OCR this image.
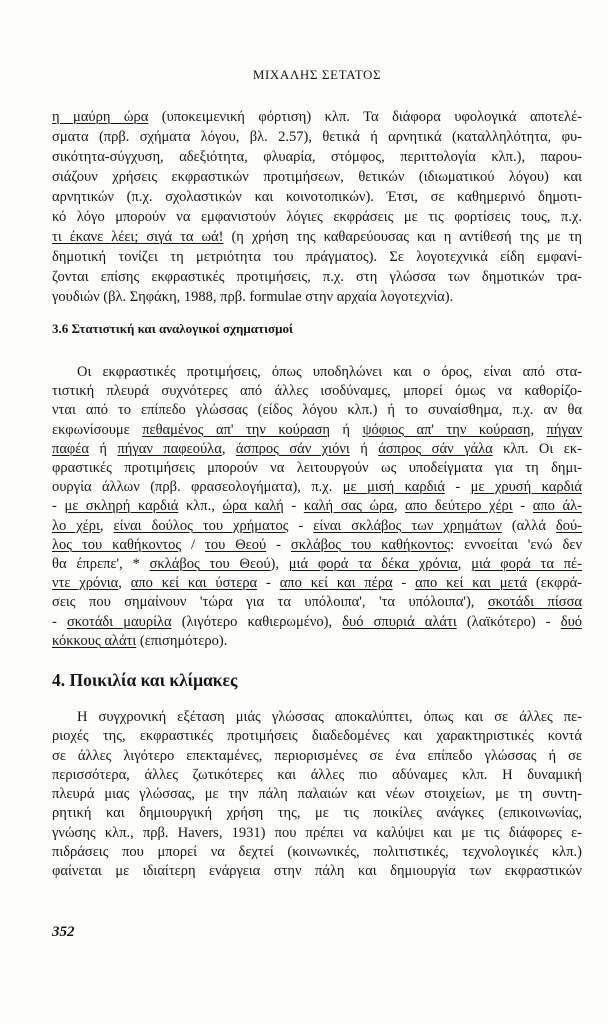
ΜΙΧΑΛΗΣ ΣΕΤΑΤΟΣ
η μαύρη ώρα (υποκειμενική φόρτιση) κλπ. Τα διάφορα υφολογικά αποτελέ-
σματα (πρβ. σχήματα λόγου, βλ. 2.57), θετικά ή αρνητικά (καταλληλότητα, φυ-
σικότητα-σύγχυση, αδεξιότητα, φλυαρία, στόμφος, περιττολογία κλπ.), παρου-
σιάζουν χρήσεις εκφραστικών προτιμήσεων, θετικών (ιδιωματικού λόγου) και
αρνητικών (π.χ. σχολαστικών και κοινοτοπικών). Έτσι, σε καθημερινό δημοτι-
κό λόγο μπορούν να εμφανιστούν λόγιες εκφράσεις με τις φορτίσεις τους, π.χ.
τι έκανε λέει; σιγά τα ωά! (η χρήση της καθαρεύουσας και η αντίθεσή της με τη
δημοτική τονίζει τη μετριότητα του πράγματος). Σε λογοτεχνικά είδη εμφανί-
ζονται επίσης εκφραστικές προτιμήσεις, π.χ. στη γλώσσα των δημοτικών τρα-
γουδιών (βλ. Σηφάκη, 1988, πρβ. formulae στην αρχαία λογοτεχνία).
3.6 Στατιστική και αναλογικοί σχηματισμοί
Οι εκφραστικές προτιμήσεις, όπως υποδηλώνει και ο όρος, είναι από στα-
τιστική πλευρά συχνότερες από άλλες ισοδύναμες, μπορεί όμως να καθορίζο-
νται από το επίπεδο γλώσσας (είδος λόγου κλπ.) ή το συναίσθημα, π.χ. αν θα
εκφωνίσουμε πεθαμένος απ' την κούραση ή ψόφιος απ' την κούραση, πήγαν
παφέα ή πήγαν παφεούλα, άσπρος σάν χιόνι ή άσπρος σάν γάλα κλπ. Οι εκ-
φραστικές προτιμήσεις μπορούν να λειτουργούν ως υποδείγματα για τη δημι-
ουργία άλλων (πρβ. φρασεολογήματα), π.χ. με μισή καρδιά - με χρυσή καρδιά
- με σκληρή καρδιά κλπ., ώρα καλή - καλή σας ώρα, απο δεύτερο χέρι - απο άλ-
λο χέρι, είναι δούλος του χρήματος - είναι σκλάβος των χρημάτων (αλλά δού-
λος του καθήκοντος / του Θεού - σκλάβος του καθήκοντος: εννοείται 'ενώ δεν
θα έπρεπε', * σκλάβος του Θεού), μιά φορά τα δέκα χρόνια, μιά φορά τα πέ-
ντε χρόνια, απο κεί και ύστερα - απο κεί και πέρα - απο κεί και μετά (εκφρά-
σεις που σημαίνουν 'τώρα για τα υπόλοιπα', 'τα υπόλοιπα'), σκοτάδι πίσσα
- σκοτάδι μαυρίλα (λιγότερο καθιερωμένο), δυό σπυριά αλάτι (λαϊκότερο) - δυό
κόκκους αλάτι (επισημότερο).
4. Ποικιλία και κλίμακες
Η συγχρονική εξέταση μιάς γλώσσας αποκαλύπτει, όπως και σε άλλες πε-
ριοχές της, εκφραστικές προτιμήσεις διαδεδομένες και χαρακτηριστικές κοντά
σε άλλες λιγότερο επεκταμένες, περιορισμένες σε ένα επίπεδο γλώσσας ή σε
περισσότερα, άλλες ζωτικότερες και άλλες πιο αδύναμες κλπ. Η δυναμική
πλευρά μιας γλώσσας, με την πάλη παλαιών και νέων στοιχείων, με τη συντη-
ρητική και δημιουργική χρήση της, με τις ποικίλες ανάγκες (επικοινωνίας,
γνώσης κλπ., πρβ. Havers, 1931) που πρέπει να καλύψει και με τις διάφορες ε-
πιδράσεις που μπορεί να δεχτεί (κοινωνικές, πολιτιστικές, τεχνολογικές κλπ.)
φαίνεται με ιδιαίτερη ενάργεια στην πάλη και δημιουργία των εκφραστικών
352
